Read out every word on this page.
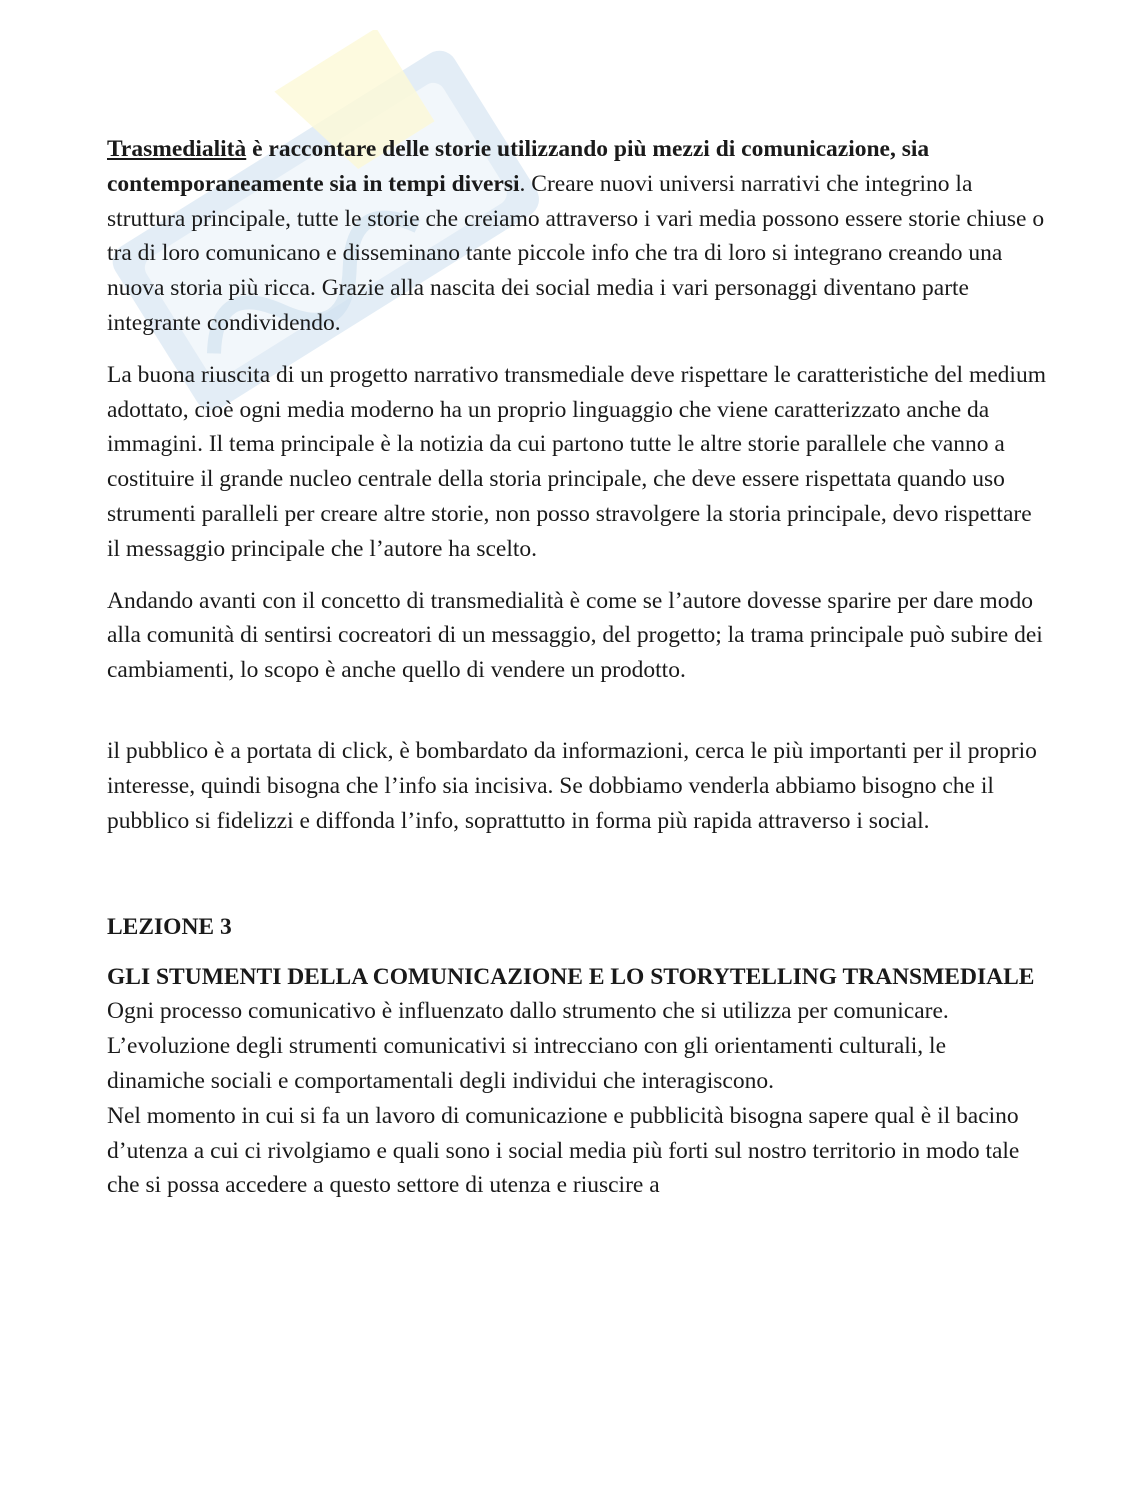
Trasmedialità è raccontare delle storie utilizzando più mezzi di comunicazione, sia contemporaneamente sia in tempi diversi. Creare nuovi universi narrativi che integrino la struttura principale, tutte le storie che creiamo attraverso i vari media possono essere storie chiuse o tra di loro comunicano e disseminano tante piccole info che tra di loro si integrano creando una nuova storia più ricca. Grazie alla nascita dei social media i vari personaggi diventano parte integrante condividendo.

La buona riuscita di un progetto narrativo transmediale deve rispettare le caratteristiche del medium adottato, cioè ogni media moderno ha un proprio linguaggio che viene caratterizzato anche da immagini. Il tema principale è la notizia da cui partono tutte le altre storie parallele che vanno a costituire il grande nucleo centrale della storia principale, che deve essere rispettata quando uso strumenti paralleli per creare altre storie, non posso stravolgere la storia principale, devo rispettare il messaggio principale che l’autore ha scelto.

Andando avanti con il concetto di transmedialità è come se l’autore dovesse sparire per dare modo alla comunità di sentirsi cocreatori di un messaggio, del progetto; la trama principale può subire dei cambiamenti, lo scopo è anche quello di vendere un prodotto.

il pubblico è a portata di click, è bombardato da informazioni, cerca le più importanti per il proprio interesse, quindi bisogna che l’info sia incisiva. Se dobbiamo venderla abbiamo bisogno che il pubblico si fidelizzi e diffonda l’info, soprattutto in forma più rapida attraverso i social.

LEZIONE 3

GLI STUMENTI DELLA COMUNICAZIONE E LO STORYTELLING TRANSMEDIALE

Ogni processo comunicativo è influenzato dallo strumento che si utilizza per comunicare. L’evoluzione degli strumenti comunicativi si intrecciano con gli orientamenti culturali, le dinamiche sociali e comportamentali degli individui che interagiscono.

Nel momento in cui si fa un lavoro di comunicazione e pubblicità bisogna sapere qual è il bacino d’utenza a cui ci rivolgiamo e quali sono i social media più forti sul nostro territorio in modo tale che si possa accedere a questo settore di utenza e riuscire a
